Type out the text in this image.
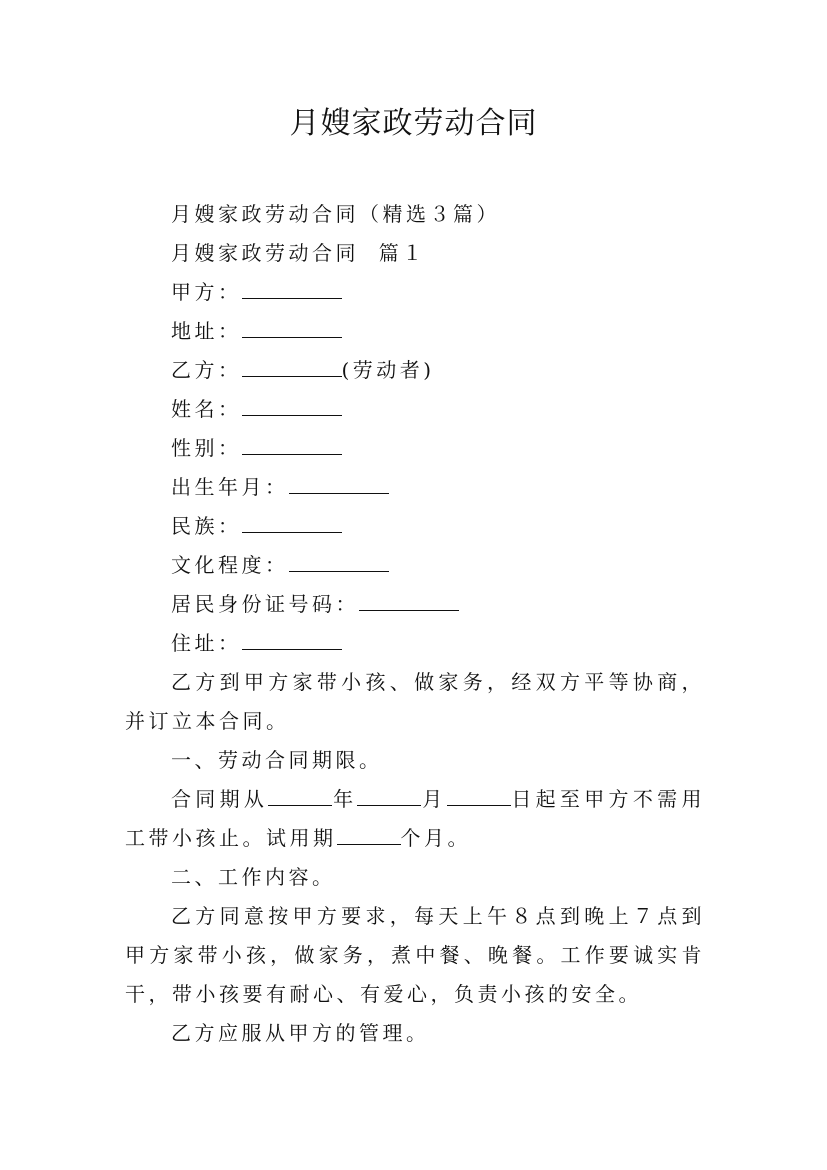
月嫂家政劳动合同

月嫂家政劳动合同（精选３篇）

月嫂家政劳动合同  篇１

甲方：

地址：

乙方：	(劳动者)

姓名：

性别：

出生年月：

民族：

文化程度：

居民身份证号码：

住址：

乙方到甲方家带小孩、做家务，经双方平等协商，并订立本合同。

一、劳动合同期限。

合同期从	年	月	日起至甲方不需用工带小孩止。试用期	个月。

二、工作内容。

乙方同意按甲方要求，每天上午８点到晚上７点到甲方家带小孩，做家务，煮中餐、晚餐。工作要诚实肯干，带小孩要有耐心、有爱心，负责小孩的安全。

乙方应服从甲方的管理。
